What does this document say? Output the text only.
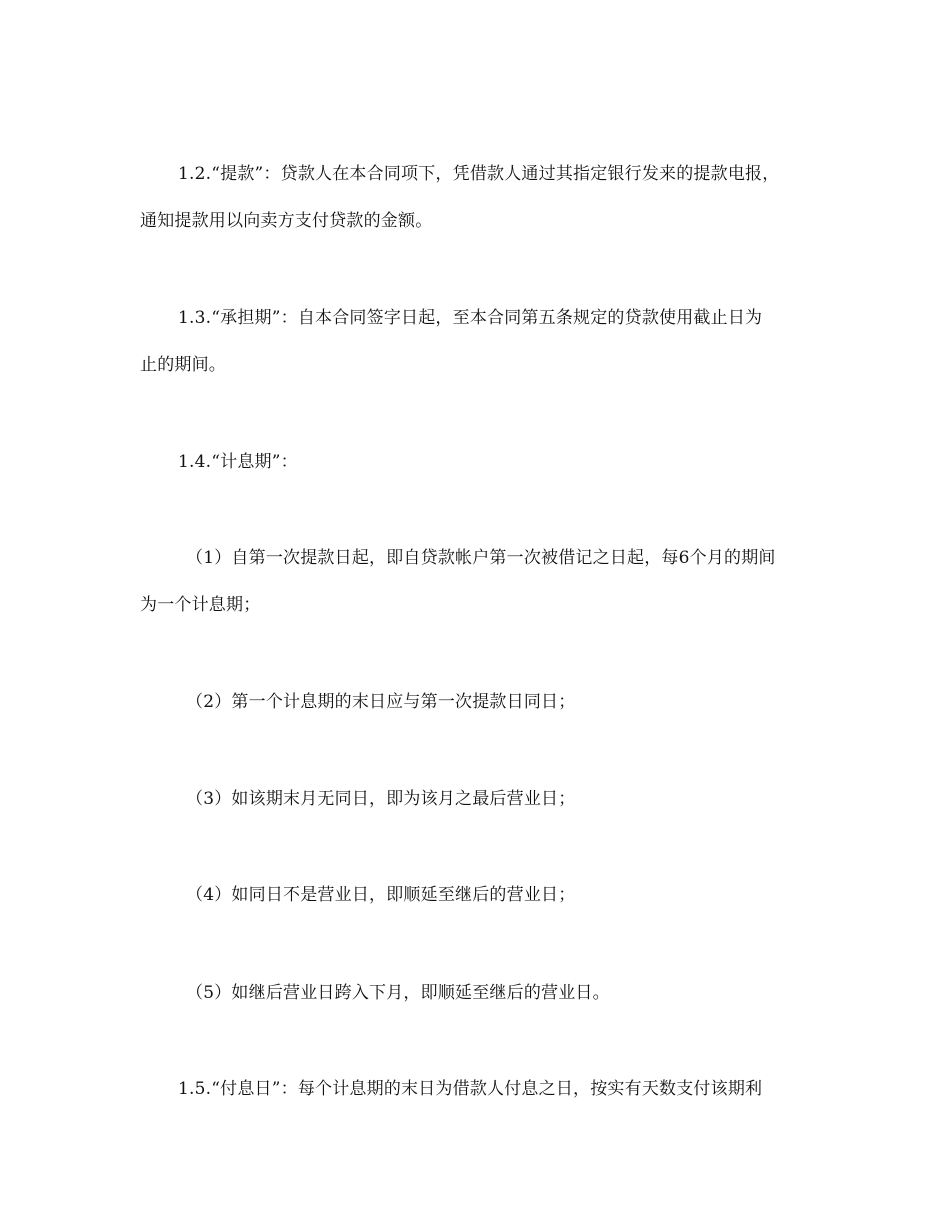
1.2.“提款”：贷款人在本合同项下，凭借款人通过其指定银行发来的提款电报，
通知提款用以向卖方支付贷款的金额。
1.3.“承担期”：自本合同签字日起，至本合同第五条规定的贷款使用截止日为
止的期间。
1.4.“计息期”：
（1）自第一次提款日起，即自贷款帐户第一次被借记之日起，每6个月的期间
为一个计息期；
（2）第一个计息期的末日应与第一次提款日同日；
（3）如该期末月无同日，即为该月之最后营业日；
（4）如同日不是营业日，即顺延至继后的营业日；
（5）如继后营业日跨入下月，即顺延至继后的营业日。
1.5.“付息日”：每个计息期的末日为借款人付息之日，按实有天数支付该期利
